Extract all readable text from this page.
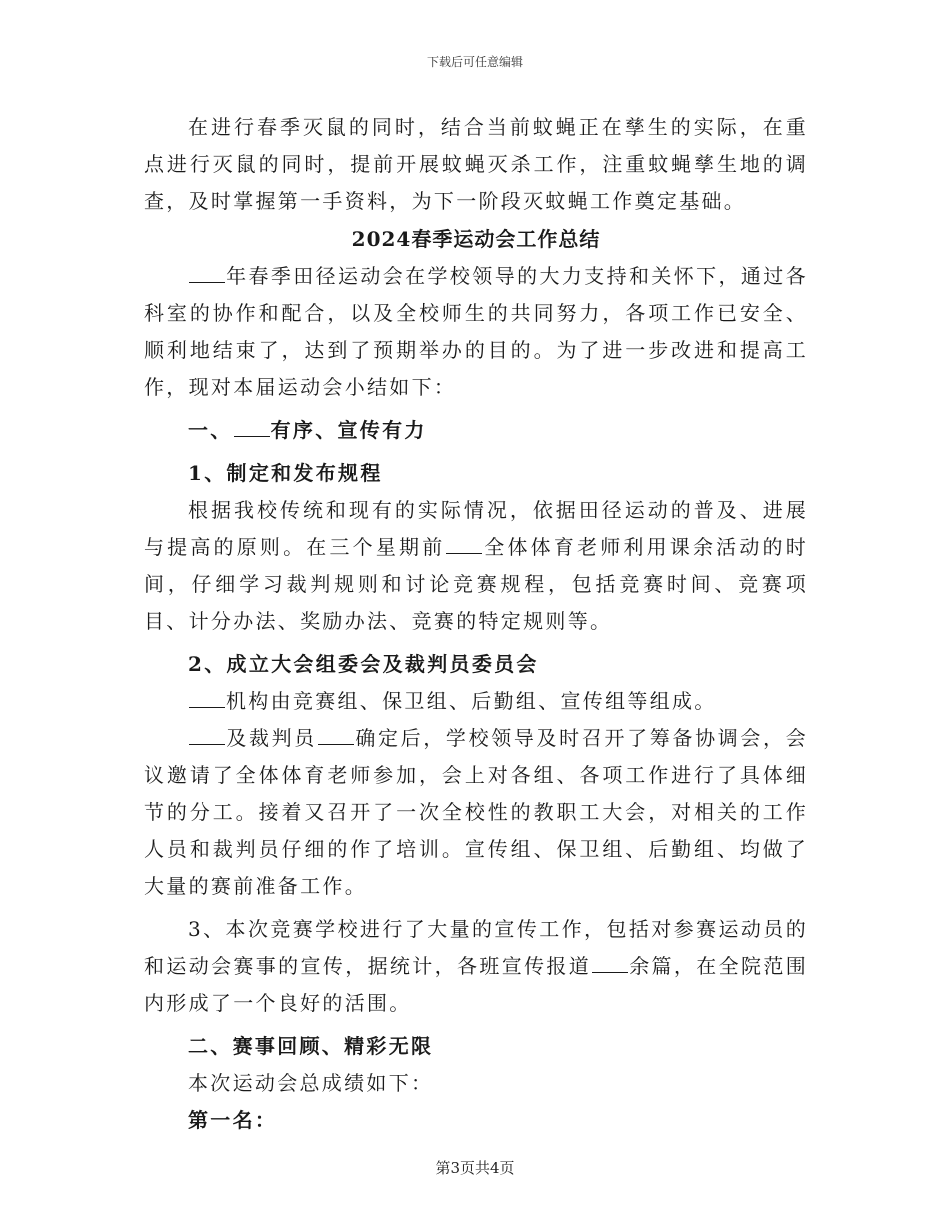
下载后可任意编辑

在进行春季灭鼠的同时，结合当前蚊蝇正在孳生的实际，在重点进行灭鼠的同时，提前开展蚊蝇灭杀工作，注重蚊蝇孳生地的调查，及时掌握第一手资料，为下一阶段灭蚊蝇工作奠定基础。

2024春季运动会工作总结

年春季田径运动会在学校领导的大力支持和关怀下，通过各科室的协作和配合，以及全校师生的共同努力，各项工作已安全、顺利地结束了，达到了预期举办的目的。为了进一步改进和提高工作，现对本届运动会小结如下：

一、 有序、宣传有力

1、制定和发布规程

根据我校传统和现有的实际情况，依据田径运动的普及、进展与提高的原则。在三个星期前 全体体育老师利用课余活动的时间，仔细学习裁判规则和讨论竞赛规程，包括竞赛时间、竞赛项目、计分办法、奖励办法、竞赛的特定规则等。

2、成立大会组委会及裁判员委员会

机构由竞赛组、保卫组、后勤组、宣传组等组成。

及裁判员 确定后，学校领导及时召开了筹备协调会，会议邀请了全体体育老师参加，会上对各组、各项工作进行了具体细节的分工。接着又召开了一次全校性的教职工大会，对相关的工作人员和裁判员仔细的作了培训。宣传组、保卫组、后勤组、均做了大量的赛前准备工作。

3、本次竞赛学校进行了大量的宣传工作，包括对参赛运动员的和运动会赛事的宣传，据统计，各班宣传报道 余篇，在全院范围内形成了一个良好的活围。

二、赛事回顾、精彩无限

本次运动会总成绩如下：

第一名：

第3页共4页
